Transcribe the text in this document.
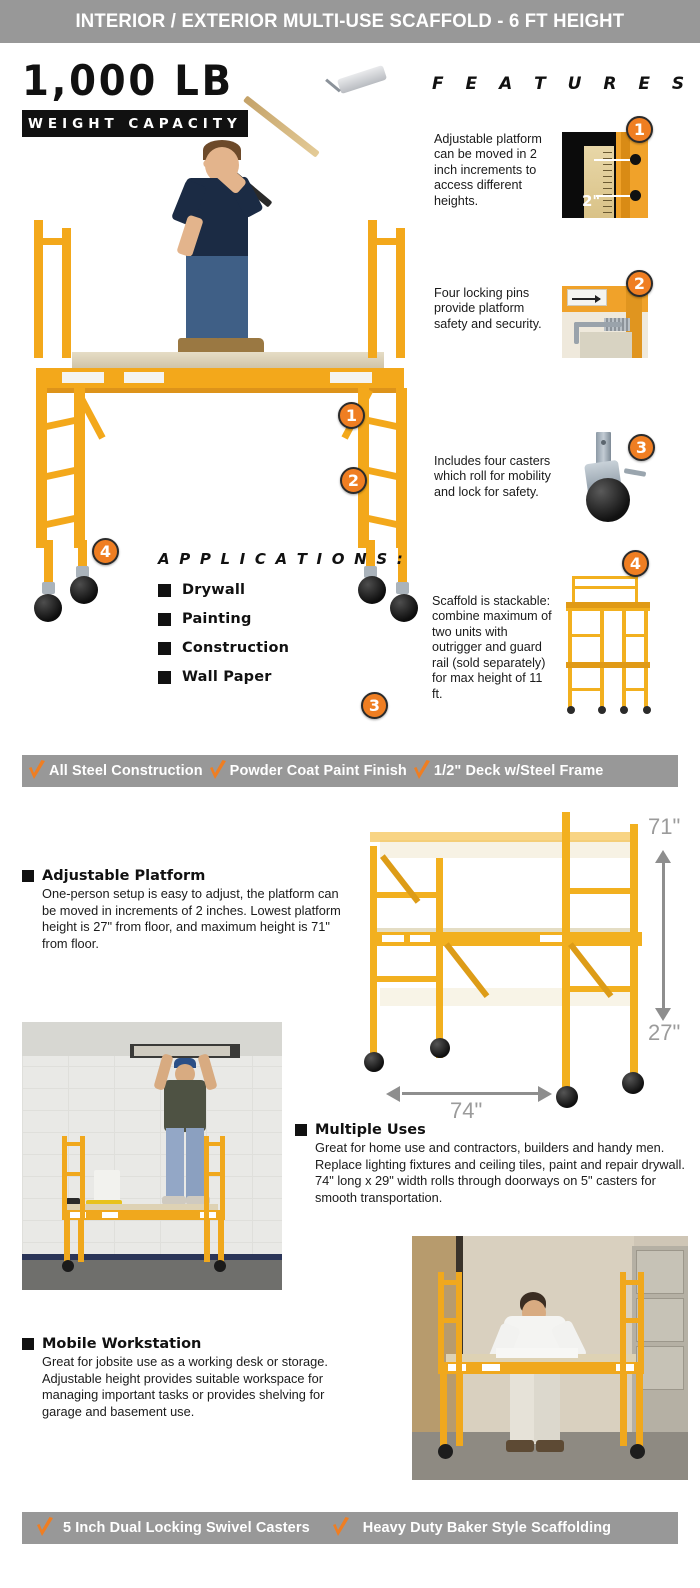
INTERIOR / EXTERIOR MULTI-USE SCAFFOLD - 6 FT HEIGHT
1,000 LB
WEIGHT CAPACITY
F E A T U R E S
Adjustable platform can be moved in 2 inch increments to access different heights.
1
2"
Four locking pins provide platform safety and security.
2
Includes four casters which roll for mobility and lock for safety.
3
Scaffold is stackable: combine maximum of two units with outrigger and guard rail (sold separately) for max height of 11 ft.
4
1
2
3
4	A P P L I C A T I O N S :
Drywall
Painting
Construction
Wall Paper
All Steel Construction Powder Coat Paint Finish 1/2" Deck w/Steel Frame
Adjustable Platform
One-person setup is easy to adjust, the platform can be moved in increments of 2 inches. Lowest platform height is 27" from floor, and maximum height is 71" from floor.
71"
27"
74"
Multiple Uses
Great for home use and contractors, builders and handy men. Replace lighting fixtures and ceiling tiles, paint and repair drywall. 74" long x 29" width rolls through doorways on 5" casters for smooth transportation.
Mobile Workstation
Great for jobsite use as a working desk or storage. Adjustable height provides suitable workspace for managing important tasks or provides shelving for garage and basement use.
5 Inch Dual Locking Swivel Casters	Heavy Duty Baker Style Scaffolding
